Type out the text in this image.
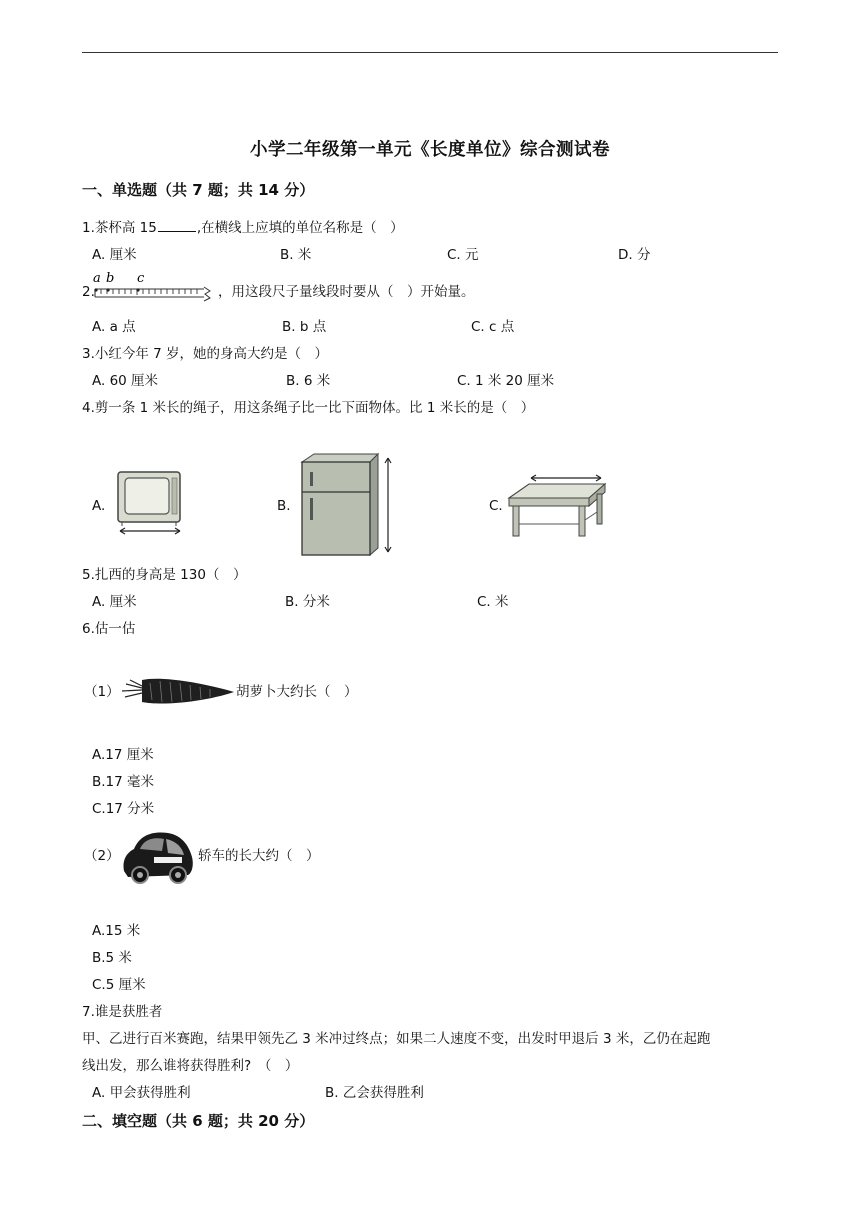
小学二年级第一单元《长度单位》综合测试卷
一、单选题（共 7 题；共 14 分）
1.茶杯高 15	,在横线上应填的单位名称是（　）
A. 厘米	B. 米	C. 元	D. 分
2.
a b c
，用这段尺子量线段时要从（　）开始量。
A. a 点	B. b 点	C. c 点
3.小红今年 7 岁，她的身高大约是（　）
A. 60 厘米	B. 6 米	C. 1 米 20 厘米
4.剪一条 1 米长的绳子，用这条绳子比一比下面物体。比 1 米长的是（　）
A.	B.	C.
5.扎西的身高是 130（　）
A. 厘米	B. 分米	C. 米
6.估一估
（1）	胡萝卜大约长（　）
A.17 厘米
B.17 毫米
C.17 分米
（2）	轿车的长大约（　）
A.15 米
B.5 米
C.5 厘米
7.谁是获胜者
甲、乙进行百米赛跑，结果甲领先乙 3 米冲过终点；如果二人速度不变，出发时甲退后 3 米，乙仍在起跑
线出发，那么谁将获得胜利?　（　）
A. 甲会获得胜利	B. 乙会获得胜利
二、填空题（共 6 题；共 20 分）
